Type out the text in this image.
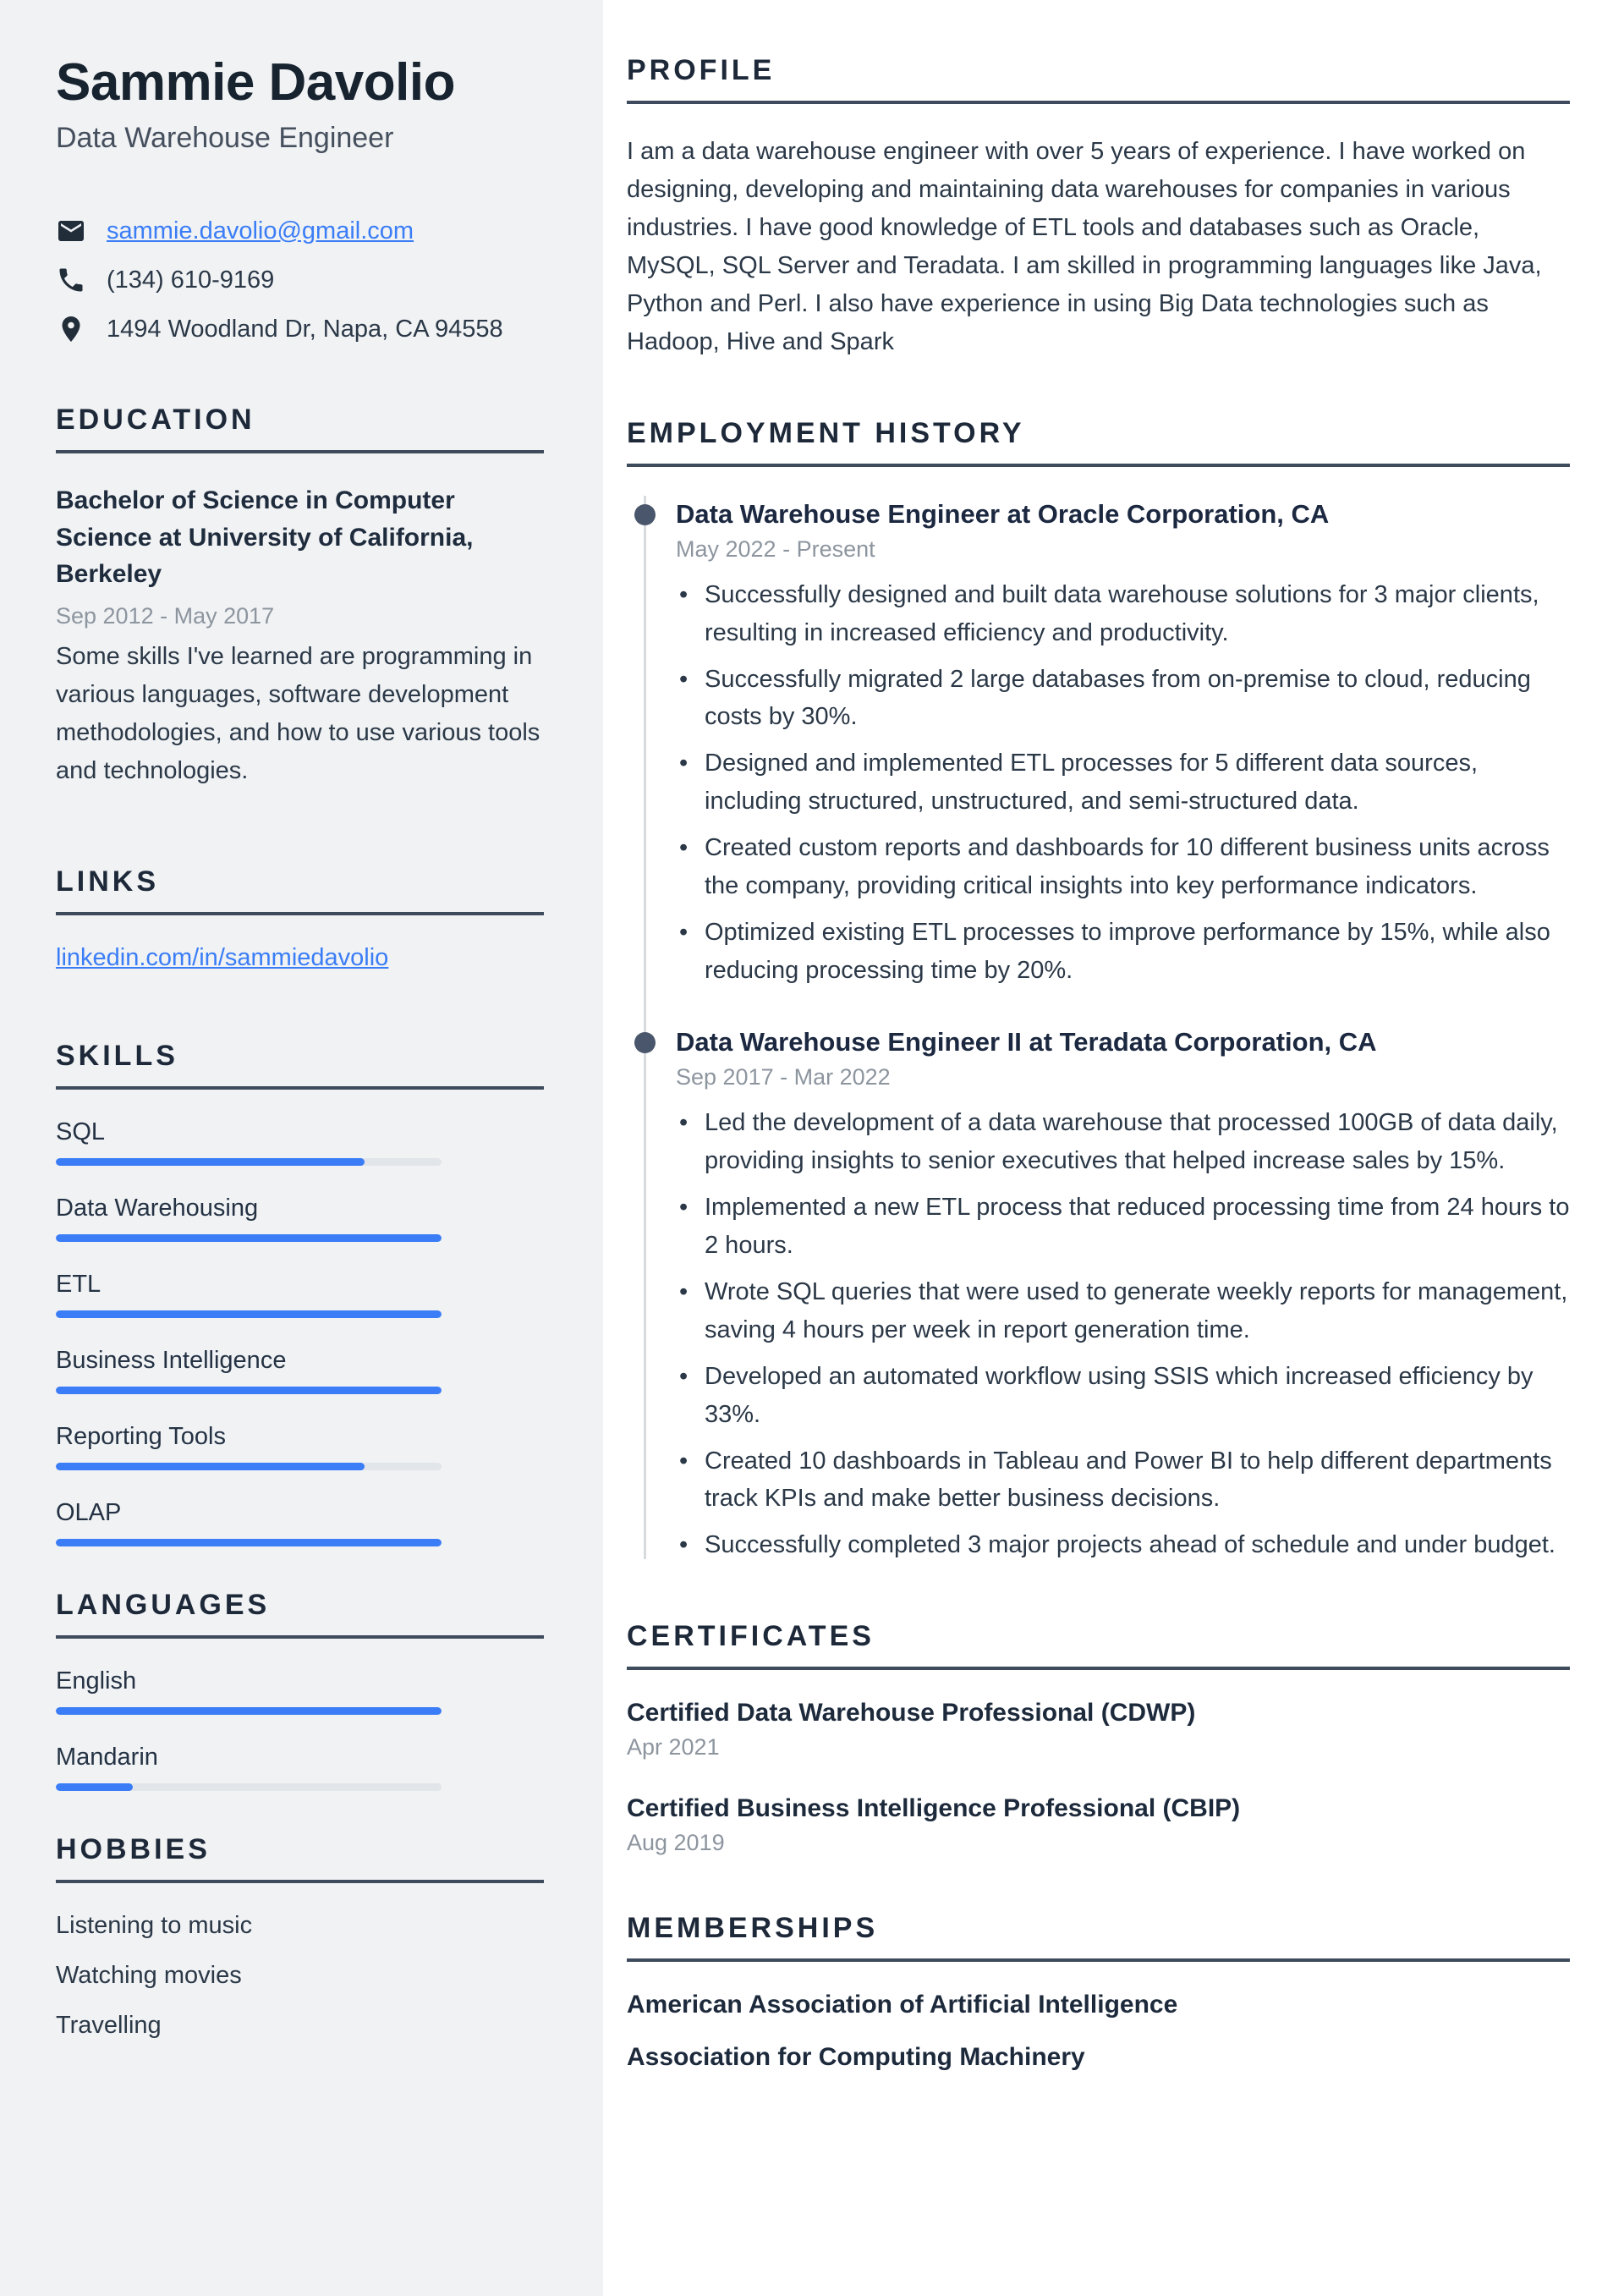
Sammie Davolio
Data Warehouse Engineer
sammie.davolio@gmail.com
(134) 610-9169
1494 Woodland Dr, Napa, CA 94558
EDUCATION
Bachelor of Science in Computer Science at University of California, Berkeley
Sep 2012 - May 2017

Some skills I've learned are programming in various languages, software development methodologies, and how to use various tools and technologies.

LINKS
linkedin.com/in/sammiedavolio
SKILLS
SQL
Data Warehousing
ETL
Business Intelligence
Reporting Tools
OLAP
LANGUAGES
English
Mandarin
HOBBIES
Listening to music
Watching movies
Travelling
PROFILE

I am a data warehouse engineer with over 5 years of experience. I have worked on designing, developing and maintaining data warehouses for companies in various industries. I have good knowledge of ETL tools and databases such as Oracle, MySQL, SQL Server and Teradata. I am skilled in programming languages like Java, Python and Perl. I also have experience in using Big Data technologies such as Hadoop, Hive and Spark

EMPLOYMENT HISTORY
Data Warehouse Engineer at Oracle Corporation, CA
May 2022 - Present
• Successfully designed and built data warehouse solutions for 3 major clients, resulting in increased efficiency and productivity.
• Successfully migrated 2 large databases from on-premise to cloud, reducing costs by 30%.
• Designed and implemented ETL processes for 5 different data sources, including structured, unstructured, and semi-structured data.
• Created custom reports and dashboards for 10 different business units across the company, providing critical insights into key performance indicators.
• Optimized existing ETL processes to improve performance by 15%, while also reducing processing time by 20%.
Data Warehouse Engineer II at Teradata Corporation, CA
Sep 2017 - Mar 2022
• Led the development of a data warehouse that processed 100GB of data daily, providing insights to senior executives that helped increase sales by 15%.
• Implemented a new ETL process that reduced processing time from 24 hours to 2 hours.
• Wrote SQL queries that were used to generate weekly reports for management, saving 4 hours per week in report generation time.
• Developed an automated workflow using SSIS which increased efficiency by 33%.
• Created 10 dashboards in Tableau and Power BI to help different departments track KPIs and make better business decisions.
• Successfully completed 3 major projects ahead of schedule and under budget.
CERTIFICATES
Certified Data Warehouse Professional (CDWP)
Apr 2021
Certified Business Intelligence Professional (CBIP)
Aug 2019
MEMBERSHIPS
American Association of Artificial Intelligence
Association for Computing Machinery
